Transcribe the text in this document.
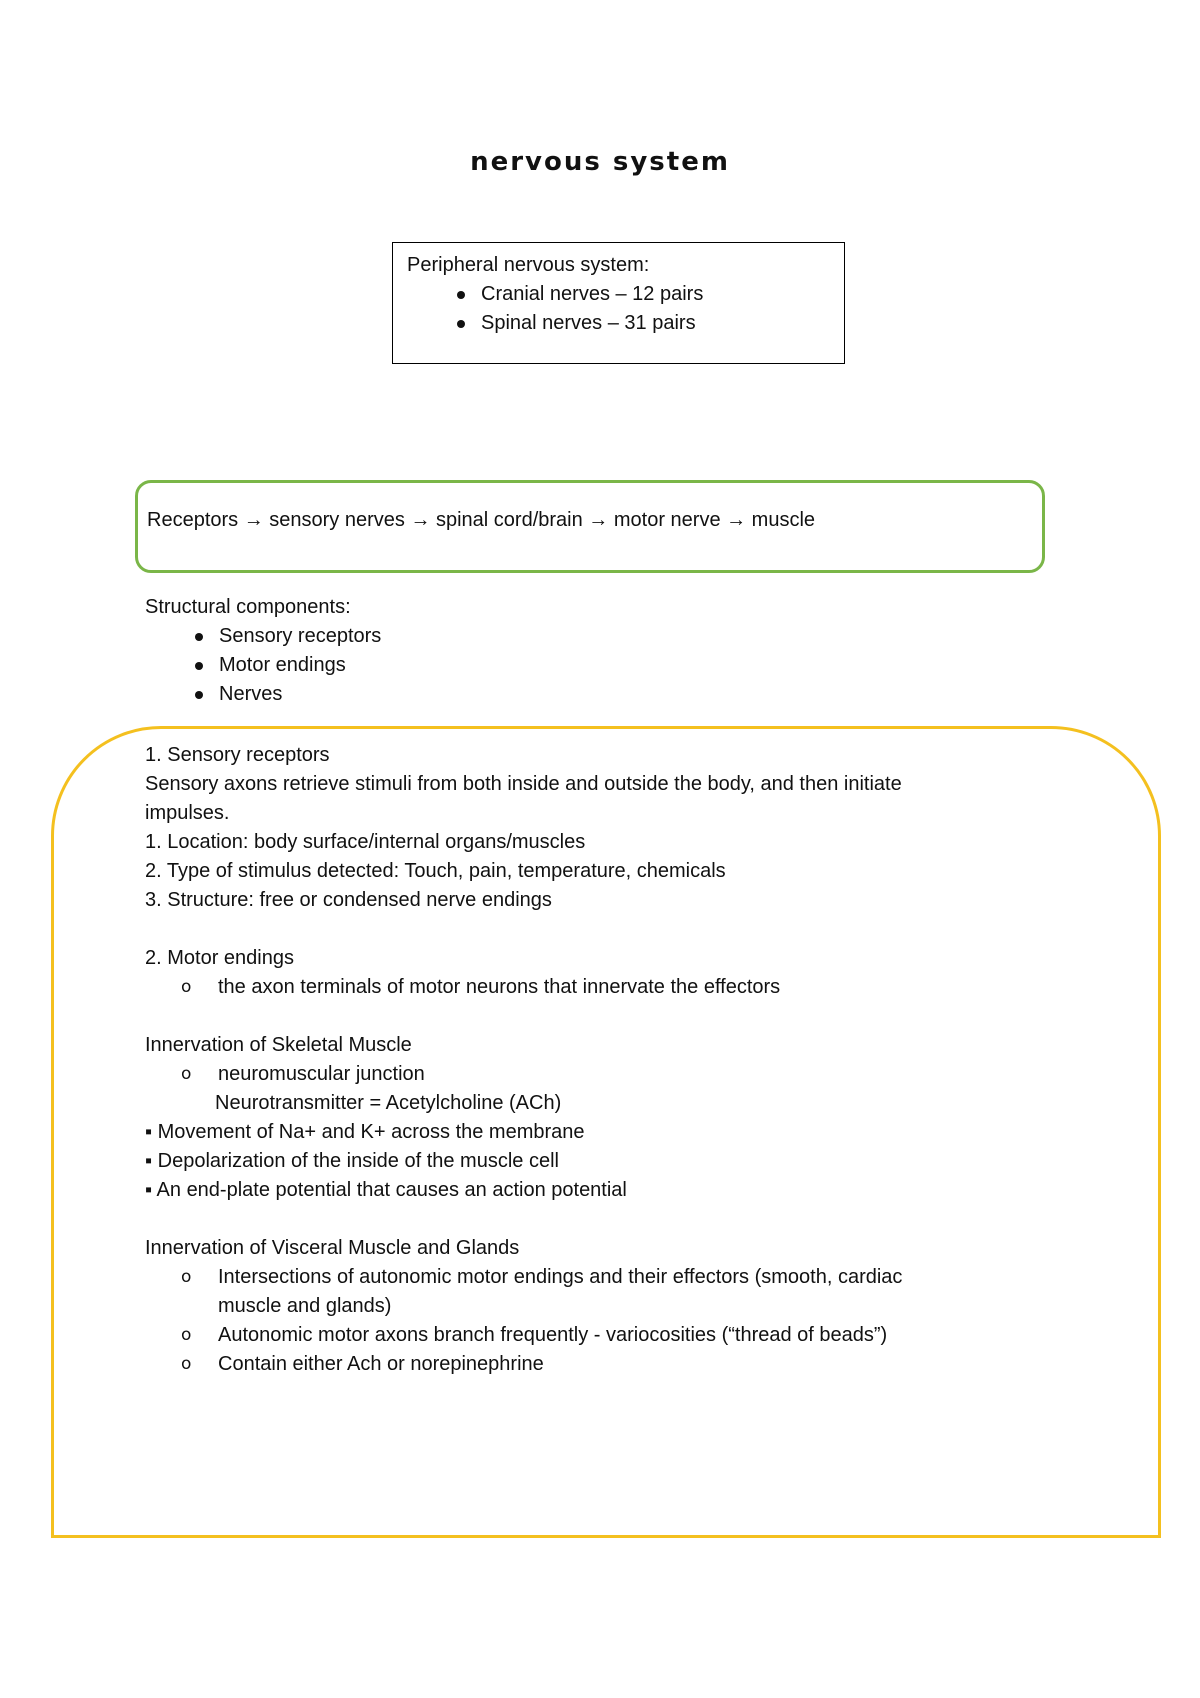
nervous system
Peripheral nervous system:
Cranial nerves – 12 pairs
Spinal nerves – 31 pairs
Receptors → sensory nerves → spinal cord/brain → motor nerve → muscle
Structural components:
Sensory receptors
Motor endings
Nerves
1. Sensory receptors
Sensory axons retrieve stimuli from both inside and outside the body, and then initiate
impulses.
1. Location: body surface/internal organs/muscles
2. Type of stimulus detected: Touch, pain, temperature, chemicals
3. Structure: free or condensed nerve endings
2. Motor endings
o the axon terminals of motor neurons that innervate the effectors
Innervation of Skeletal Muscle
o neuromuscular junction
Neurotransmitter = Acetylcholine (ACh)
▪ Movement of Na+ and K+ across the membrane
▪ Depolarization of the inside of the muscle cell
▪ An end-plate potential that causes an action potential
Innervation of Visceral Muscle and Glands
o Intersections of autonomic motor endings and their effectors (smooth, cardiac
muscle and glands)
o Autonomic motor axons branch frequently - variocosities (“thread of beads”)
o Contain either Ach or norepinephrine
